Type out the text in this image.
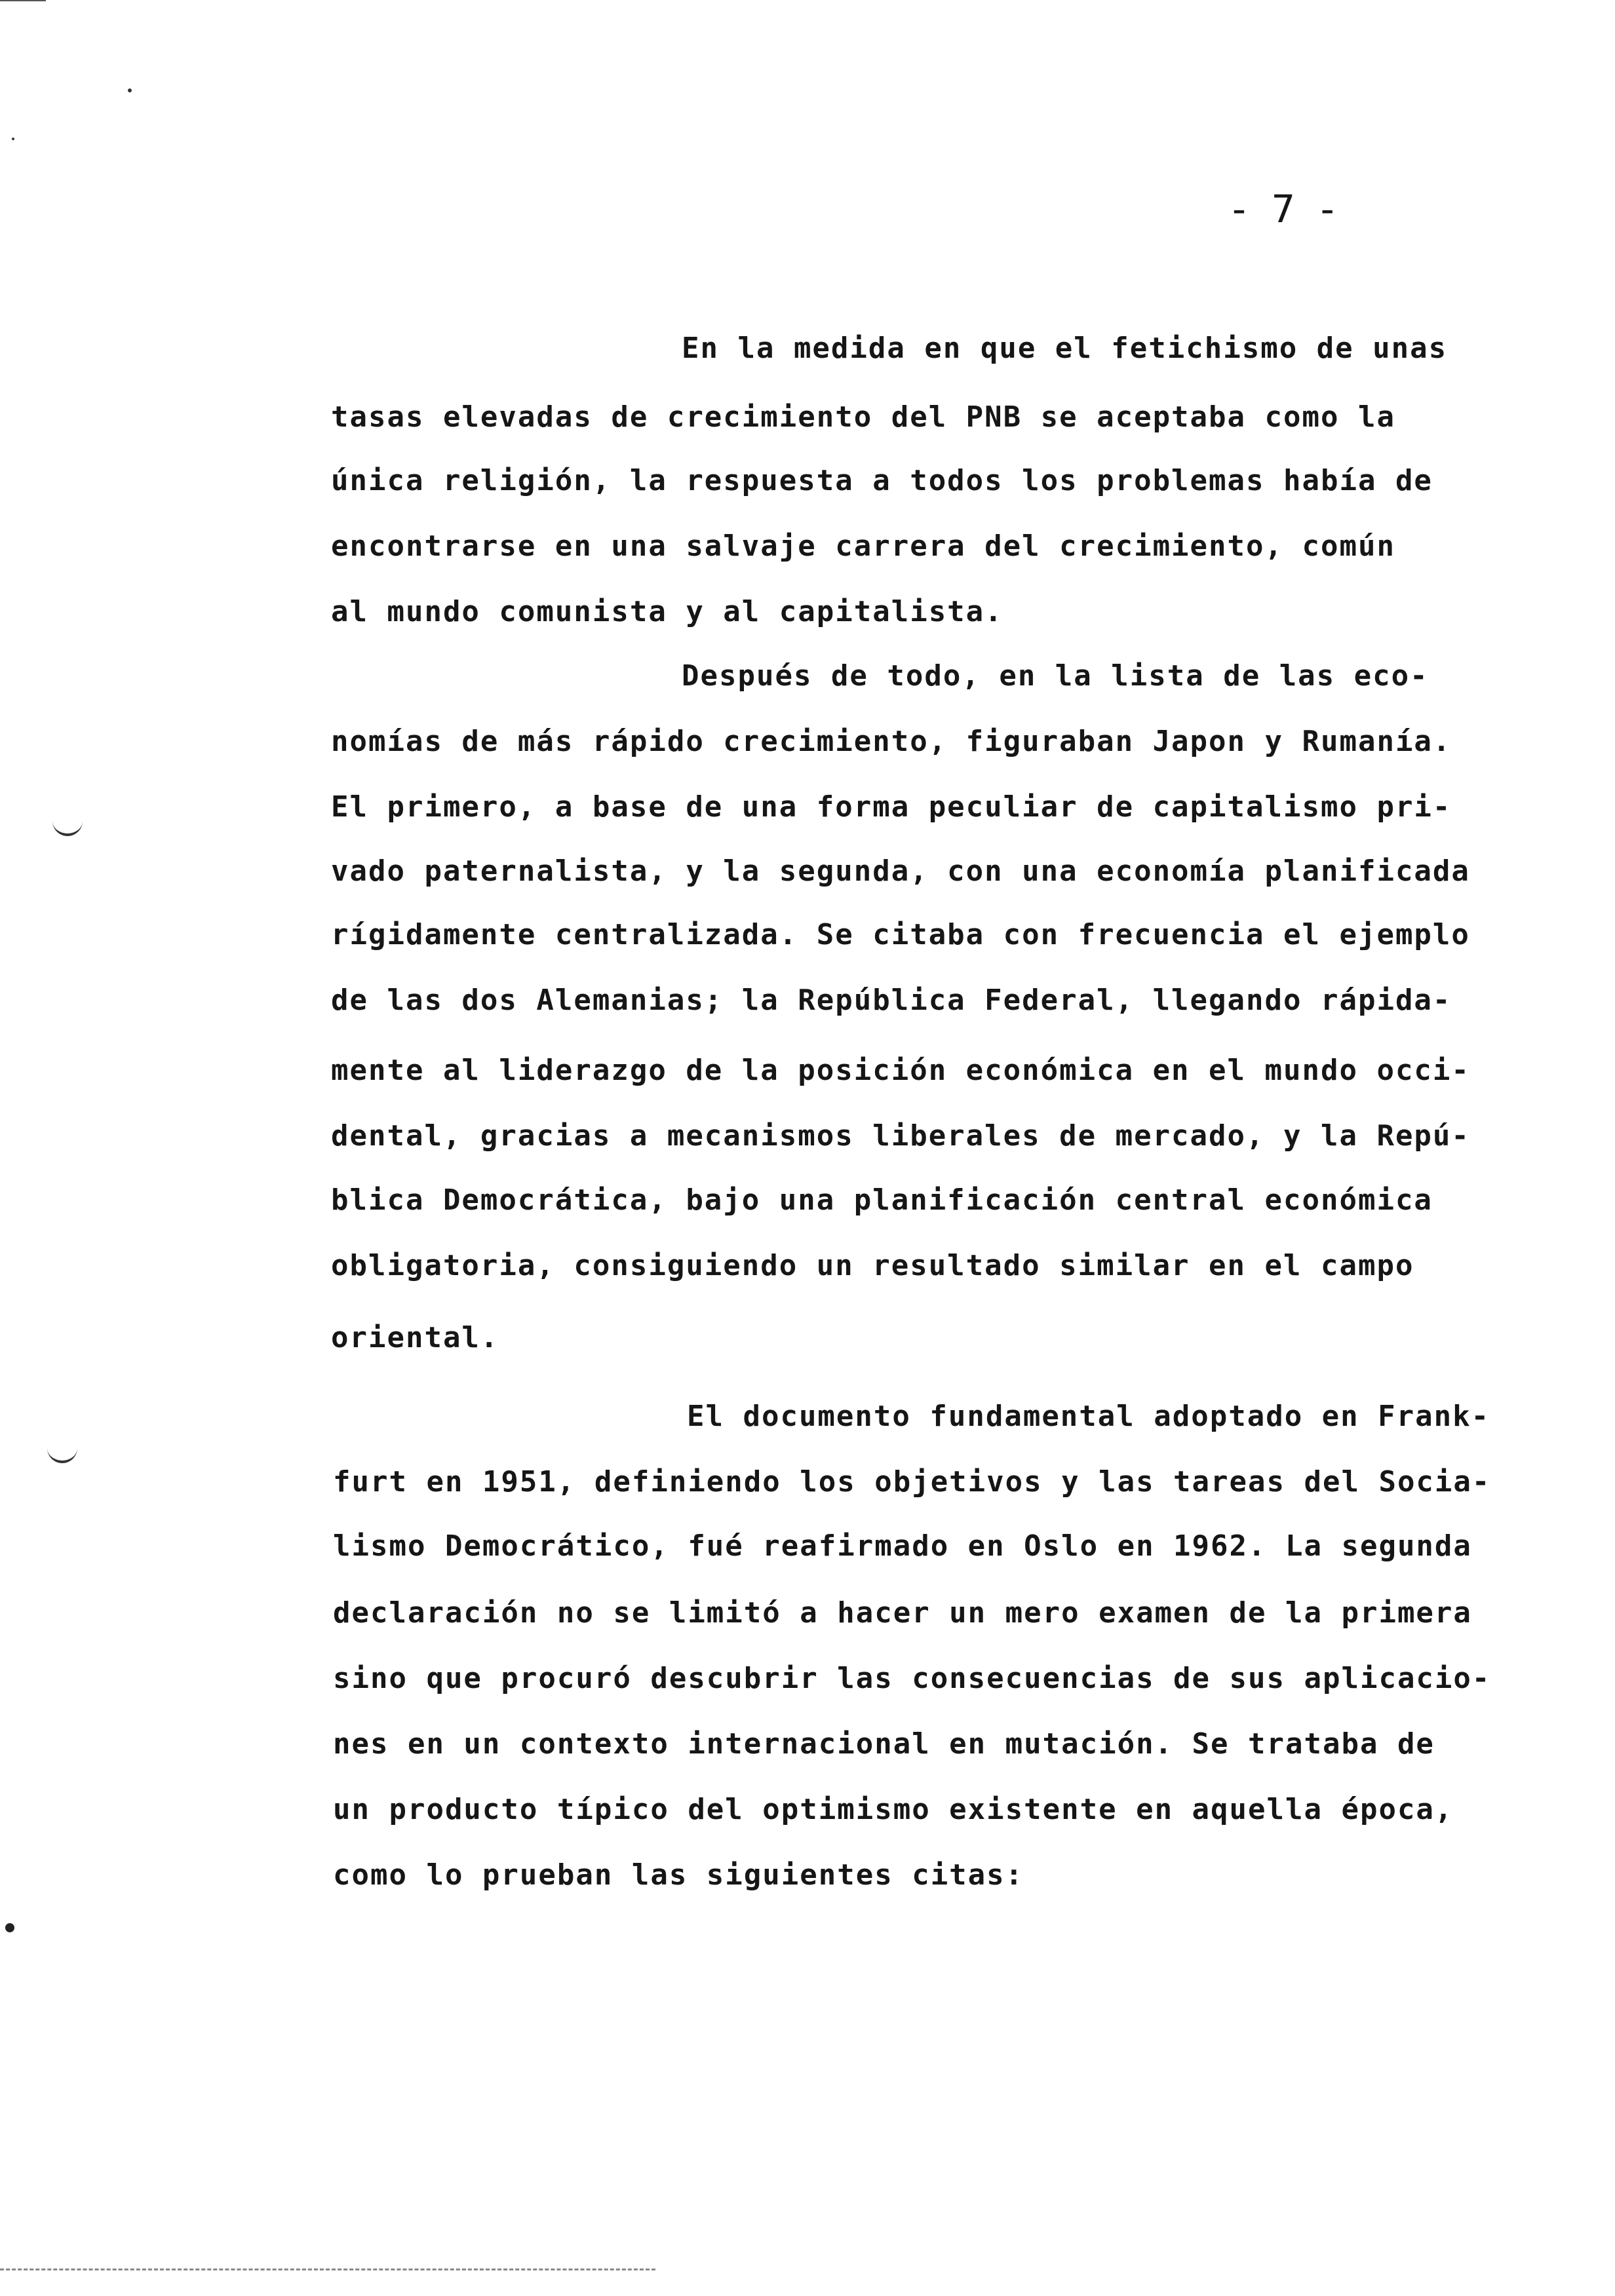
- 7 -
En la medida en que el fetichismo de unas
tasas elevadas de crecimiento del PNB se aceptaba como la
única religión, la respuesta a todos los problemas había de
encontrarse en una salvaje carrera del crecimiento, común
al mundo comunista y al capitalista.
Después de todo, en la lista de las eco-
nomías de más rápido crecimiento, figuraban Japon y Rumanía.
El primero, a base de una forma peculiar de capitalismo pri-
vado paternalista, y la segunda, con una economía planificada
rígidamente centralizada. Se citaba con frecuencia el ejemplo
de las dos Alemanias; la República Federal, llegando rápida-
mente al liderazgo de la posición económica en el mundo occi-
dental, gracias a mecanismos liberales de mercado, y la Repú-
blica Democrática, bajo una planificación central económica
obligatoria, consiguiendo un resultado similar en el campo
oriental.
El documento fundamental adoptado en Frank-
furt en 1951, definiendo los objetivos y las tareas del Socia-
lismo Democrático, fué reafirmado en Oslo en 1962. La segunda
declaración no se limitó a hacer un mero examen de la primera
sino que procuró descubrir las consecuencias de sus aplicacio-
nes en un contexto internacional en mutación. Se trataba de
un producto típico del optimismo existente en aquella época,
como lo prueban las siguientes citas:
